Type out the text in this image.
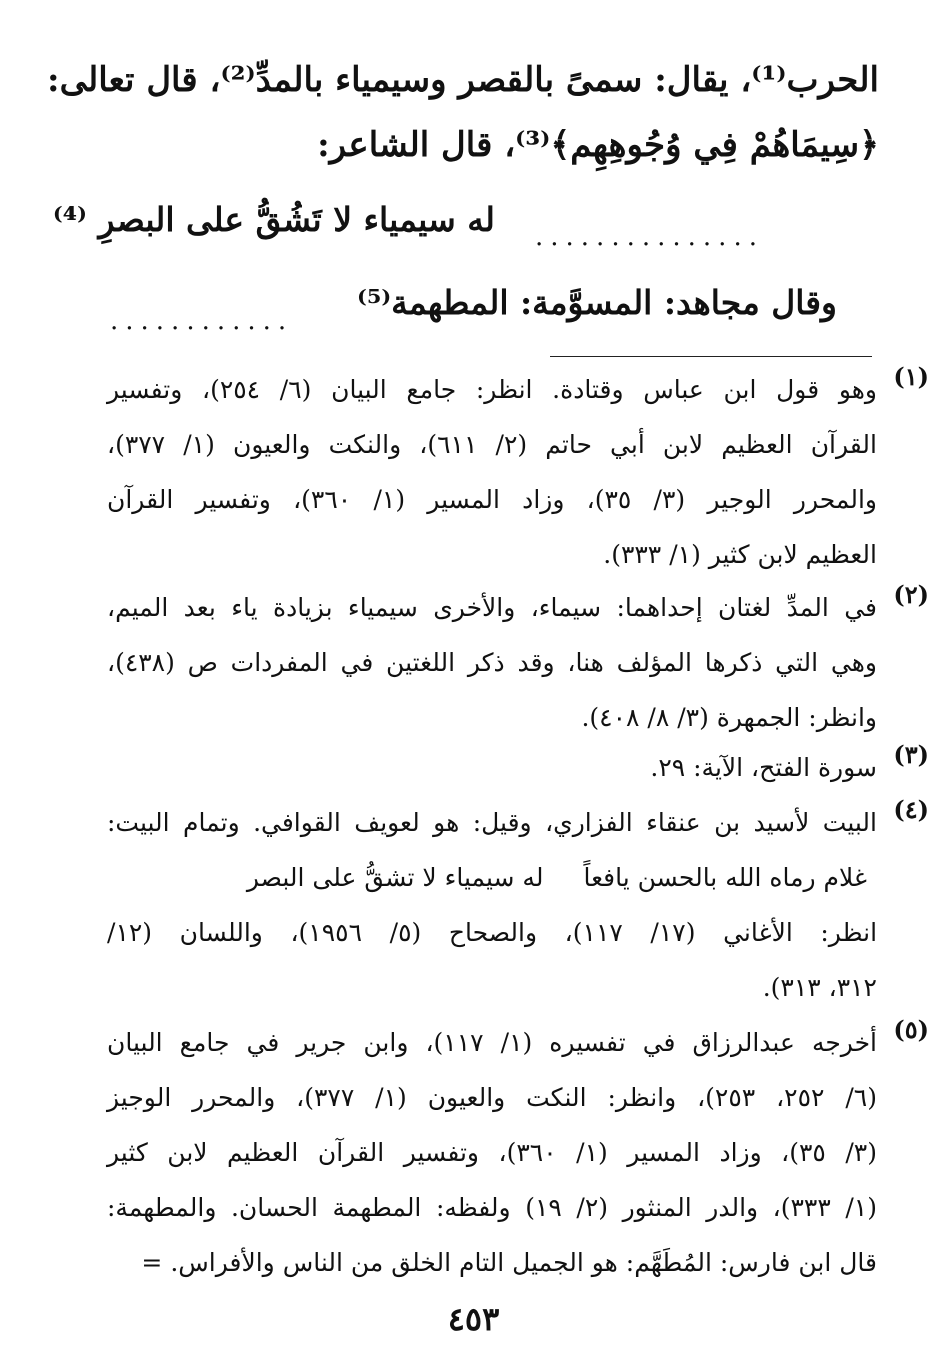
الحرب⁽¹⁾، يقال: سمىً بالقصر وسيمياء بالمدِّ⁽²⁾، قال تعالى:
﴿سِيمَاهُمْ فِي وُجُوهِهِم﴾⁽³⁾، قال الشاعر:
له سيمياء لا تَشُقُّ على البصرِ ⁽⁴⁾ ...............
وقال مجاهد: المسوَّمة: المطهمة⁽⁵⁾
............
(١)
وهو قول ابن عباس وقتادة. انظر: جامع البيان (٦/ ٢٥٤)، وتفسير
القرآن العظيم لابن أبي حاتم (٢/ ٦١١)، والنكت والعيون (١/ ٣٧٧)،
والمحرر الوجير (٣/ ٣٥)، وزاد المسير (١/ ٣٦٠)، وتفسير القرآن
العظيم لابن كثير (١/ ٣٣٣).
(٢)
في المدِّ لغتان إحداهما: سيماء، والأخرى سيمياء بزيادة ياء بعد الميم،
وهي التي ذكرها المؤلف هنا، وقد ذكر اللغتين في المفردات ص (٤٣٨)،
وانظر: الجمهرة (٣/ ٨/ ٤٠٨).
(٣)
سورة الفتح، الآية: ٢٩.
(٤)
البيت لأسيد بن عنقاء الفزاري، وقيل: هو لعويف القوافي. وتمام البيت:
غلام رماه الله بالحسن يافعاً
له سيمياء لا تشقُّ على البصر
انظر: الأغاني (١٧/ ١١٧)، والصحاح (٥/ ١٩٥٦)، واللسان (١٢/
٣١٢، ٣١٣).
(٥)
أخرجه عبدالرزاق في تفسيره (١/ ١١٧)، وابن جرير في جامع البيان
(٦/ ٢٥٢، ٢٥٣)، وانظر: النكت والعيون (١/ ٣٧٧)، والمحرر الوجيز
(٣/ ٣٥)، وزاد المسير (١/ ٣٦٠)، وتفسير القرآن العظيم لابن كثير
(١/ ٣٣٣)، والدر المنثور (٢/ ١٩) ولفظه: المطهمة الحسان. والمطهمة:
قال ابن فارس: المُطَهَّم: هو الجميل التام الخلق من الناس والأفراس. =
٤٥٣
